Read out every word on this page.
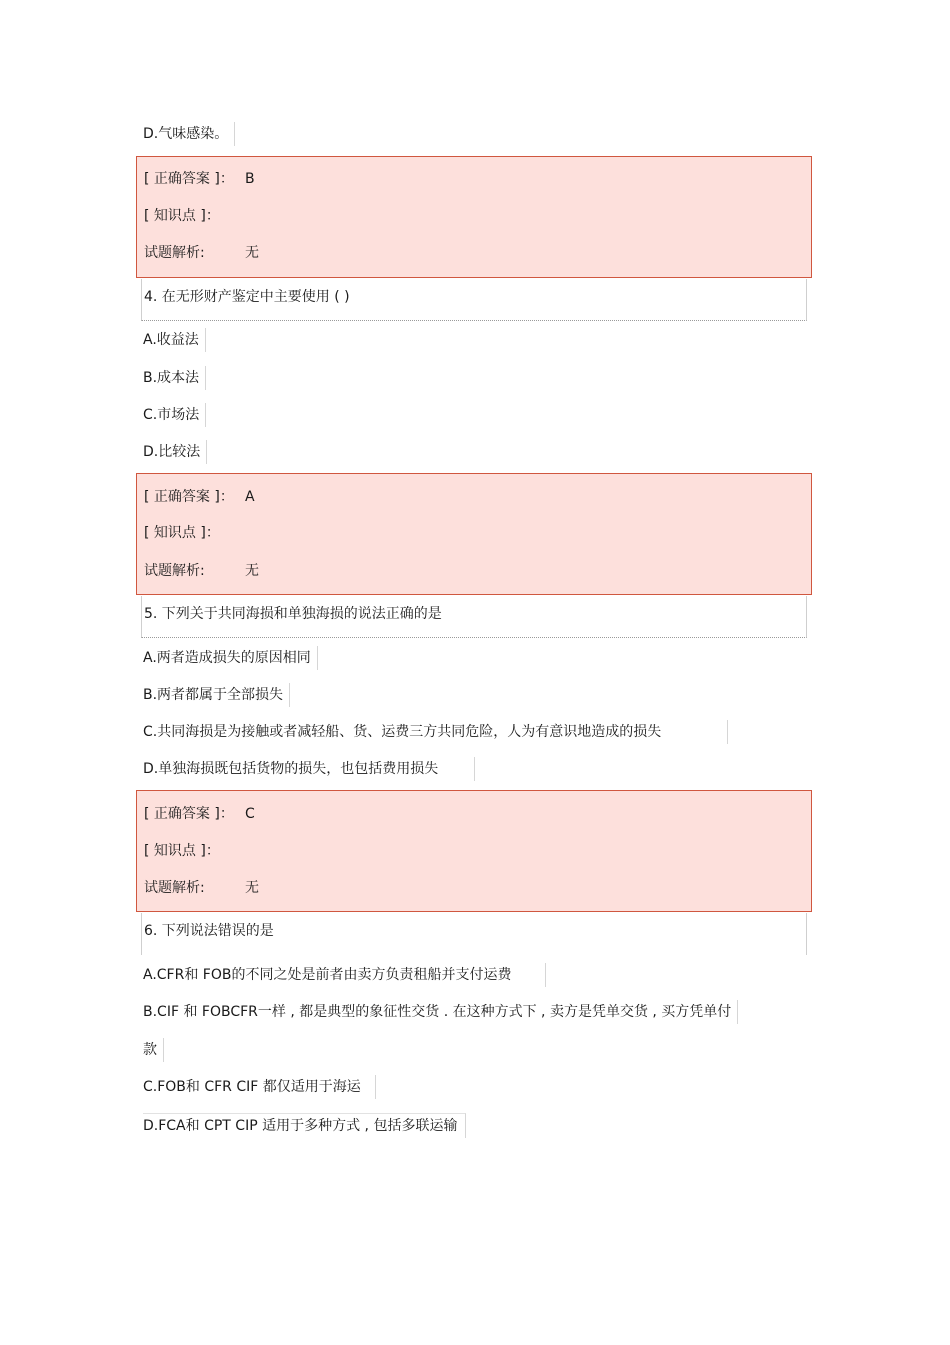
D.气味感染。
[ 正确答案 ]： B
[ 知识点 ]：
试题解析:	无
4. 在无形财产鉴定中主要使用 ( )
A.收益法
B.成本法
C.市场法
D.比较法
[ 正确答案 ]： A
[ 知识点 ]：
试题解析:	无
5. 下列关于共同海损和单独海损的说法正确的是
A.两者造成损失的原因相同
B.两者都属于全部损失
C.共同海损是为接触或者减轻船、货、运费三方共同危险，人为有意识地造成的损失
D.单独海损既包括货物的损失，也包括费用损失
[ 正确答案 ]： C
[ 知识点 ]：
试题解析:	无
6. 下列说法错误的是
A.CFR和 FOB的不同之处是前者由卖方负责租船并支付运费
B.CIF 和 FOBCFR一样 , 都是典型的象征性交货 . 在这种方式下 , 卖方是凭单交货 , 买方凭单付
款
C.FOB和 CFR CIF 都仅适用于海运
D.FCA和 CPT CIP 适用于多种方式 , 包括多联运输
